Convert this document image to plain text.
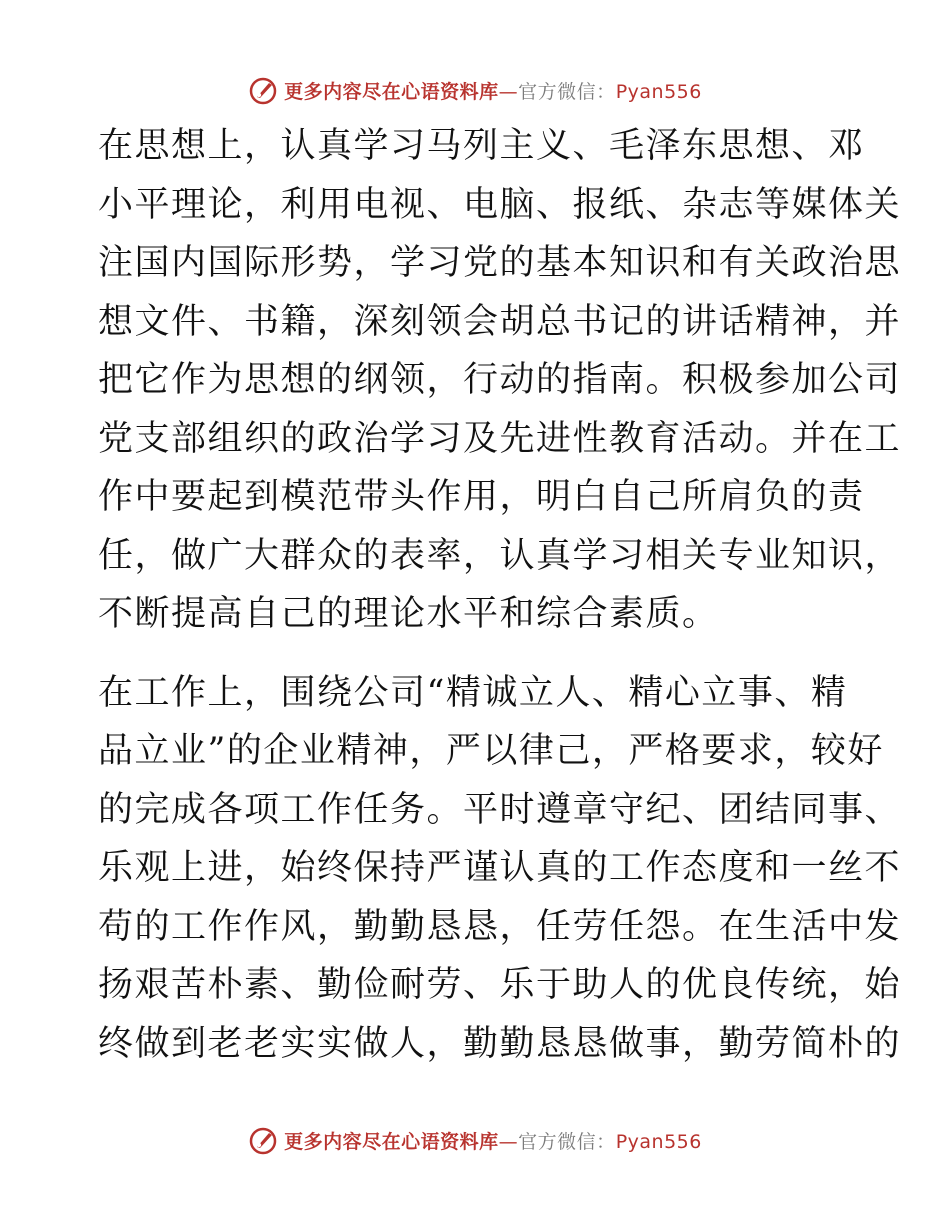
更多内容尽在心语资料库—官方微信：Pyan556
在思想上，认真学习马列主义、毛泽东思想、邓
小平理论，利用电视、电脑、报纸、杂志等媒体关
注国内国际形势，学习党的基本知识和有关政治思
想文件、书籍，深刻领会胡总书记的讲话精神，并
把它作为思想的纲领，行动的指南。积极参加公司
党支部组织的政治学习及先进性教育活动。并在工
作中要起到模范带头作用，明白自己所肩负的责
任，做广大群众的表率，认真学习相关专业知识，
不断提高自己的理论水平和综合素质。
在工作上，围绕公司“精诚立人、精心立事、精
品立业”的企业精神，严以律己，严格要求，较好
的完成各项工作任务。平时遵章守纪、团结同事、
乐观上进，始终保持严谨认真的工作态度和一丝不
苟的工作作风，勤勤恳恳，任劳任怨。在生活中发
扬艰苦朴素、勤俭耐劳、乐于助人的优良传统，始
终做到老老实实做人，勤勤恳恳做事，勤劳简朴的
更多内容尽在心语资料库—官方微信：Pyan556
